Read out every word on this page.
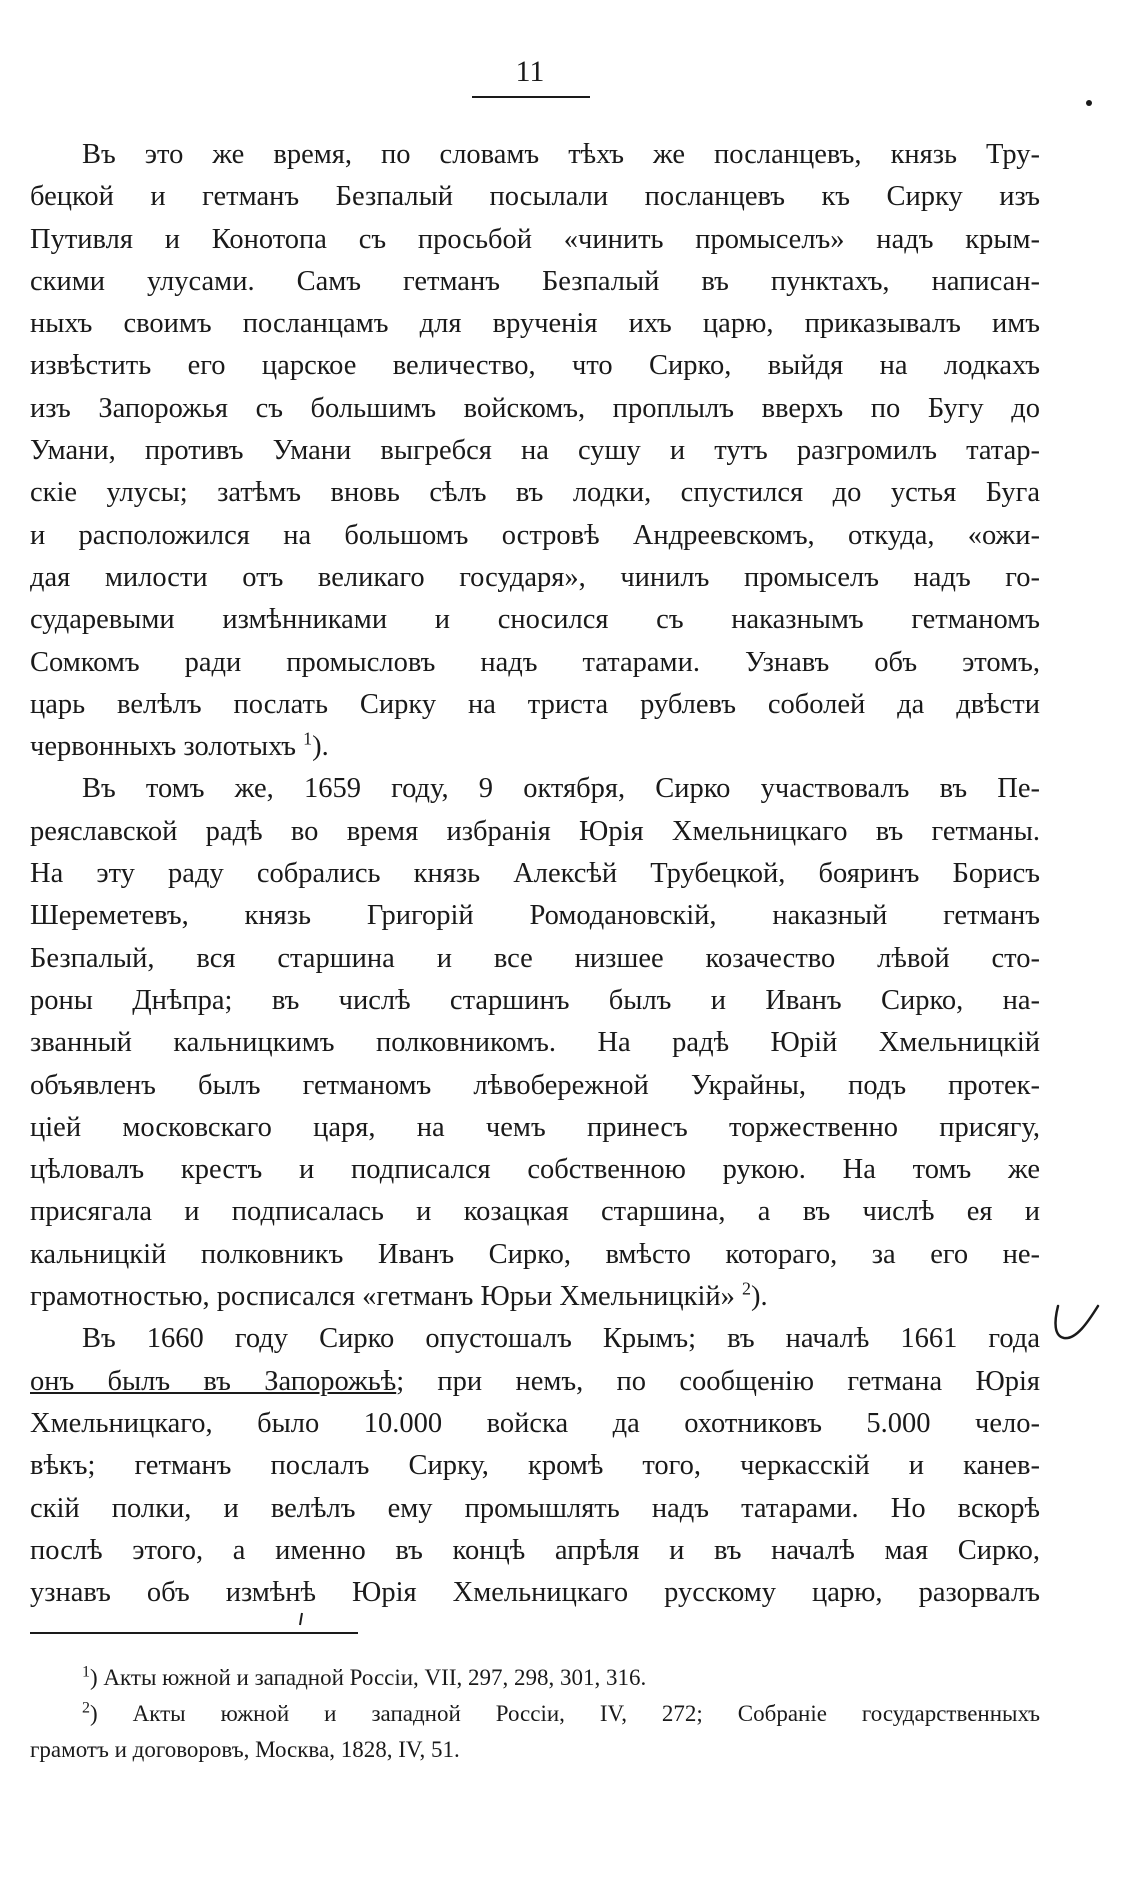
11
Въ это же время, по словамъ тѣхъ же посланцевъ, князь Тру-
бецкой и гетманъ Безпалый посылали посланцевъ къ Сирку изъ
Путивля и Конотопа съ просьбой «чинить промыселъ» надъ крым-
скими улусами. Самъ гетманъ Безпалый въ пунктахъ, написан-
ныхъ своимъ посланцамъ для врученія ихъ царю, приказывалъ имъ
извѣстить его царское величество, что Сирко, выйдя на лодкахъ
изъ Запорожья съ большимъ войскомъ, проплылъ вверхъ по Бугу до
Умани, противъ Умани выгребся на сушу и тутъ разгромилъ татар-
скіе улусы; затѣмъ вновь сѣлъ въ лодки, спустился до устья Буга
и расположился на большомъ островѣ Андреевскомъ, откуда, «ожи-
дая милости отъ великаго государя», чинилъ промыселъ надъ го-
сударевыми измѣнниками и сносился съ наказнымъ гетманомъ
Сомкомъ ради промысловъ надъ татарами. Узнавъ объ этомъ,
царь велѣлъ послать Сирку на триста рублевъ соболей да двѣсти
червонныхъ золотыхъ $^1$).
Въ томъ же, 1659 году, 9 октября, Сирко участвовалъ въ Пе-
реяславской радѣ во время избранія Юрія Хмельницкаго въ гетманы.
На эту раду собрались князь Алексѣй Трубецкой, бояринъ Борисъ
Шереметевъ, князь Григорій Ромодановскій, наказный гетманъ
Безпалый, вся старшина и все низшее козачество лѣвой сто-
роны Днѣпра; въ числѣ старшинъ былъ и Иванъ Сирко, на-
званный кальницкимъ полковникомъ. На радѣ Юрій Хмельницкій
объявленъ былъ гетманомъ лѣвобережной Украйны, подъ протек-
ціей московскаго царя, на чемъ принесъ торжественно присягу,
цѣловалъ крестъ и подписался собственною рукою. На томъ же
присягала и подписалась и козацкая старшина, а въ числѣ ея и
кальницкій полковникъ Иванъ Сирко, вмѣсто котораго, за его не-
грамотностью, росписался «гетманъ Юрьи Хмельницкій» $^2$).
Въ 1660 году Сирко опустошалъ Крымъ; въ началѣ 1661 года
онъ былъ въ Запорожьѣ; при немъ, по сообщенію гетмана Юрія
Хмельницкаго, было 10.000 войска да охотниковъ 5.000 чело-
вѣкъ; гетманъ послалъ Сирку, кромѣ того, черкасскій и канев-
скій полки, и велѣлъ ему промышлять надъ татарами. Но вскорѣ
послѣ этого, а именно въ концѣ апрѣля и въ началѣ мая Сирко,
узнавъ объ измѣнѣ Юрія Хмельницкаго русскому царю, разорвалъ
$^1$) Акты южной и западной Россіи, VII, 297, 298, 301, 316.
$^2$) Акты южной и западной Россіи, IV, 272; Собраніе государственныхъ
грамотъ и договоровъ, Москва, 1828, IV, 51.
